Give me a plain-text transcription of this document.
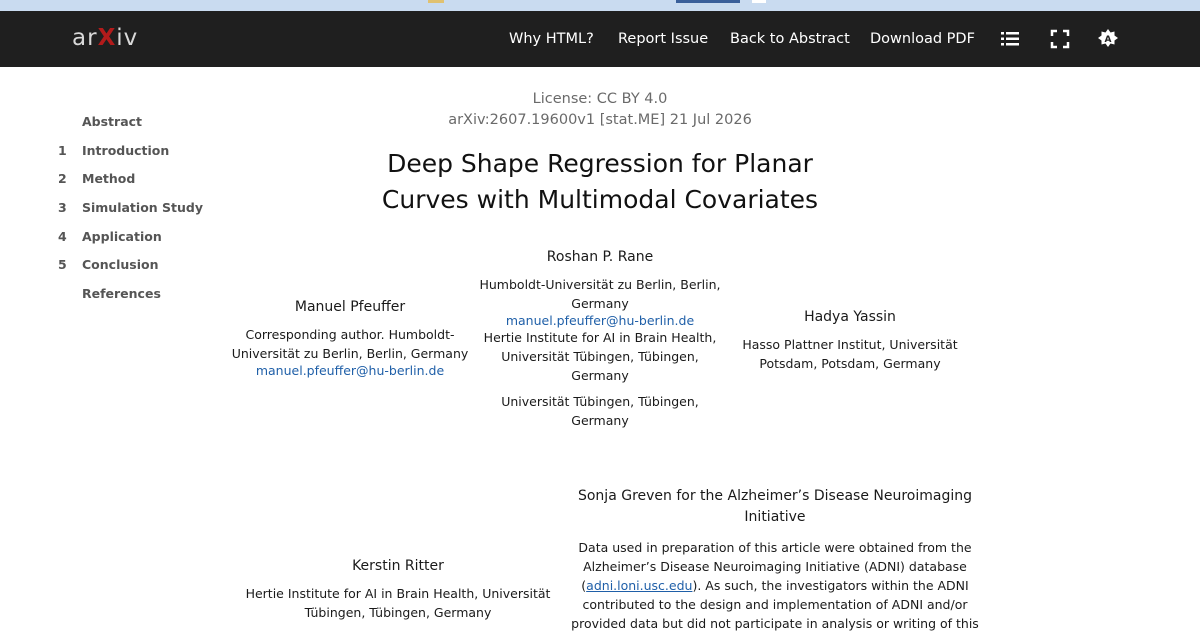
arXiv	Why HTML? Report Issue Back to Abstract Download PDF	A
Abstract
1 Introduction
2 Method
3 Simulation Study
4 Application
5 Conclusion
References
License: CC BY 4.0
arXiv:2607.19600v1 [stat.ME] 21 Jul 2026
Deep Shape Regression for Planar
Curves with Multimodal Covariates
Roshan P. Rane
Humboldt-Universität zu Berlin, Berlin,
Germany
manuel.pfeuffer@hu-berlin.de
Hertie Institute for AI in Brain Health,
Universität Tübingen, Tübingen,
Germany
Universität Tübingen, Tübingen,
Germany
Manuel Pfeuffer
Corresponding author. Humboldt-
Universität zu Berlin, Berlin, Germany
manuel.pfeuffer@hu-berlin.de
Hadya Yassin
Hasso Plattner Institut, Universität
Potsdam, Potsdam, Germany
Sonja Greven for the Alzheimer’s Disease Neuroimaging
Initiative
Data used in preparation of this article were obtained from the
Alzheimer’s Disease Neuroimaging Initiative (ADNI) database
(adni.loni.usc.edu). As such, the investigators within the ADNI
contributed to the design and implementation of ADNI and/or
provided data but did not participate in analysis or writing of this
Kerstin Ritter
Hertie Institute for AI in Brain Health, Universität
Tübingen, Tübingen, Germany
